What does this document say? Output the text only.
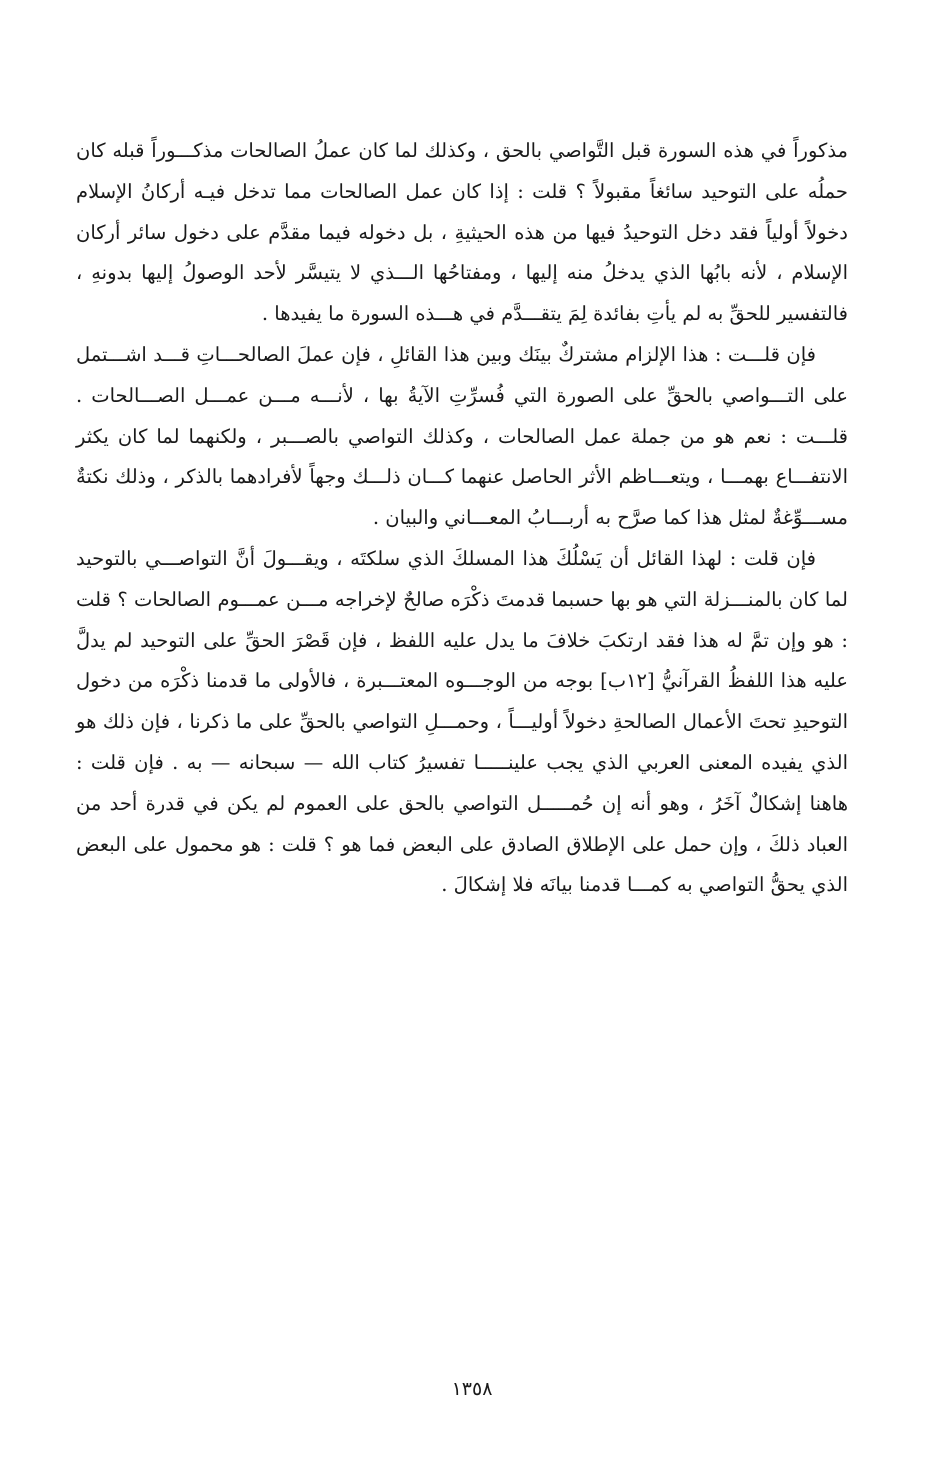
مذكوراً في هذه السورة قبل التَّواصي بالحق ، وكذلك لما كان عملُ الصالحات مذكـــوراً قبله كان حملُه على التوحيد سائغاً مقبولاً ؟ قلت : إذا كان عمل الصالحات مما تدخل فيـه أركانُ الإسلام دخولاً أولياً فقد دخل التوحيدُ فيها من هذه الحيثيةِ ، بل دخوله فيما مقدَّم على دخول سائر أركان الإسلام ، لأنه بابُها الذي يدخلُ منه إليها ، ومفتاحُها الـــذي لا يتيسَّر لأحد الوصولُ إليها بدونهِ ، فالتفسير للحقِّ به لم يأتِ بفائدة لِمَ يتقـــدَّم في هـــذه السورة ما يفيدها .

فإن قلـــت : هذا الإلزام مشتركٌ بينَك وبين هذا القائلِ ، فإن عملَ الصالحـــاتِ قـــد اشـــتمل على التـــواصي بالحقِّ على الصورة التي فُسرِّتِ الآيةُ بها ، لأنـــه مـــن عمـــل الصـــالحات . قلـــت : نعم هو من جملة عمل الصالحات ، وكذلك التواصي بالصـــبر ، ولكنهما لما كان يكثر الانتفـــاع بهمـــا ، ويتعـــاظم الأثر الحاصل عنهما كـــان ذلـــك وجهاً لأفرادهما بالذكر ، وذلك نكتةٌ مســـوِّغةٌ لمثل هذا كما صرَّح به أربـــابُ المعـــاني والبيان .

فإن قلت : لهذا القائل أن يَسْلُكَ هذا المسلكَ الذي سلكتَه ، ويقـــولَ أنَّ التواصـــي بالتوحيد لما كان بالمنـــزلة التي هو بها حسبما قدمتَ ذكْرَه صالحٌ لإخراجه مـــن عمـــوم الصالحات ؟ قلت : هو وإن تمَّ له هذا فقد ارتكبَ خلافَ ما يدل عليه اللفظ ، فإن قَصْرَ الحقِّ على التوحيد لم يدلَّ عليه هذا اللفظُ القرآنيُّ [١٢ب] بوجه من الوجـــوه المعتـــبرة ، فالأولى ما قدمنا ذكْرَه من دخول التوحيدِ تحتَ الأعمال الصالحةِ دخولاً أوليـــاً ، وحمـــلِ التواصي بالحقِّ على ما ذكرنا ، فإن ذلك هو الذي يفيده المعنى العربي الذي يجب علينـــــا تفسيرُ كتاب الله — سبحانه — به . فإن قلت : هاهنا إشكالٌ آخَرُ ، وهو أنه إن حُمـــــل التواصي بالحق على العموم لم يكن في قدرة أحد من العباد ذلكَ ، وإن حمل على الإطلاق الصادق على البعض فما هو ؟ قلت : هو محمول على البعض الذي يحقُّ التواصي به كمـــا قدمنا بيانَه فلا إشكالَ .

١٣٥٨
